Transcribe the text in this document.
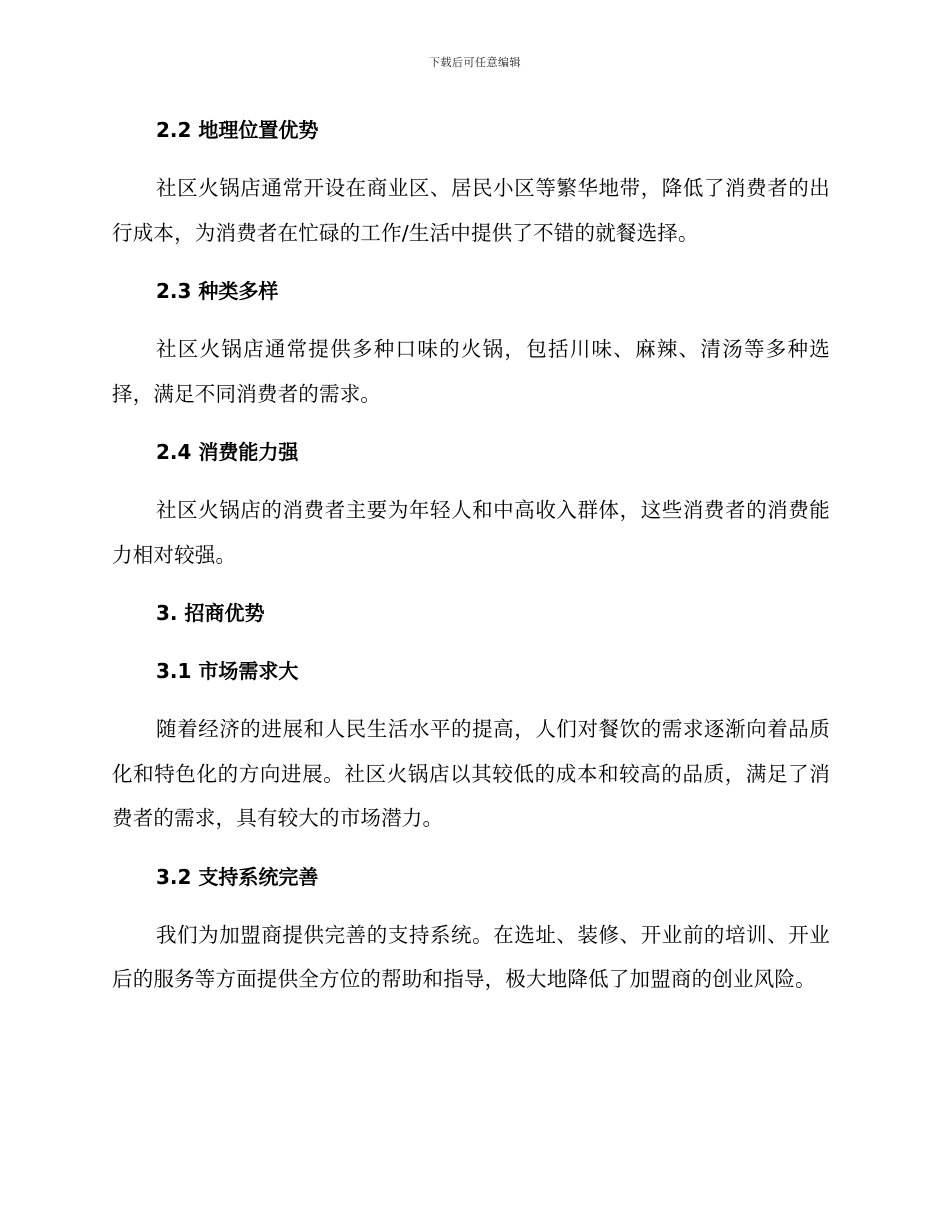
下载后可任意编辑
2.2 地理位置优势
社区火锅店通常开设在商业区、居民小区等繁华地带，降低了消费者的出行成本，为消费者在忙碌的工作/生活中提供了不错的就餐选择。
2.3 种类多样
社区火锅店通常提供多种口味的火锅，包括川味、麻辣、清汤等多种选择，满足不同消费者的需求。
2.4 消费能力强
社区火锅店的消费者主要为年轻人和中高收入群体，这些消费者的消费能力相对较强。
3. 招商优势
3.1 市场需求大
随着经济的进展和人民生活水平的提高，人们对餐饮的需求逐渐向着品质化和特色化的方向进展。社区火锅店以其较低的成本和较高的品质，满足了消费者的需求，具有较大的市场潜力。
3.2 支持系统完善
我们为加盟商提供完善的支持系统。在选址、装修、开业前的培训、开业后的服务等方面提供全方位的帮助和指导，极大地降低了加盟商的创业风险。
